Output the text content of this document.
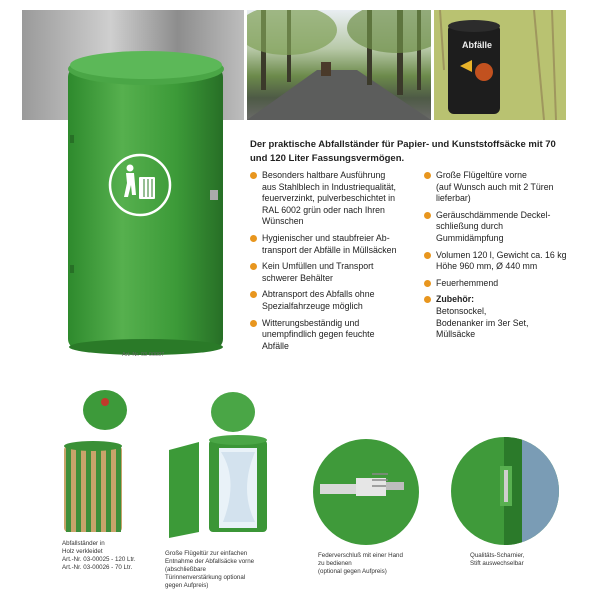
Abfälle
Art.-Nr. 03-00097
Der praktische Abfallständer für Papier- und Kunststoffsäcke mit 70 und 120 Liter Fassungsvermögen.
Besonders haltbare Ausführung
aus Stahlblech in Industriequalität,
feuerverzinkt, pulverbeschichtet in
RAL 6002 grün oder nach Ihren
Wünschen
Hygienischer und staubfreier Ab-
transport der Abfälle in Müllsäcken
Kein Umfüllen und Transport
schwerer Behälter
Abtransport des Abfalls ohne
Spezialfahrzeuge möglich
Witterungsbeständig und
unempfindlich gegen feuchte
Abfälle
Große Flügeltüre vorne
(auf Wunsch auch mit 2 Türen
lieferbar)
Geräuschdämmende Deckel-
schließung durch
Gummidämpfung
Volumen 120 l, Gewicht ca. 16 kg
Höhe 960 mm, Ø 440 mm
Feuerhemmend
Zubehör:
Betonsockel,
Bodenanker im 3er Set,
Müllsäcke
Abfallständer in
Holz verkleidet
Art.-Nr. 03-00025 - 120 Ltr.
Art.-Nr. 03-00026 - 70 Ltr.
Große Flügeltür zur einfachen
Entnahme der Abfallsäcke vorne
(abschließbare
Türinnenverstärkung optional
gegen Aufpreis)
Federverschluß mit einer Hand
zu bedienen
(optional gegen Aufpreis)
Qualitäts-Scharnier,
Stift auswechselbar
